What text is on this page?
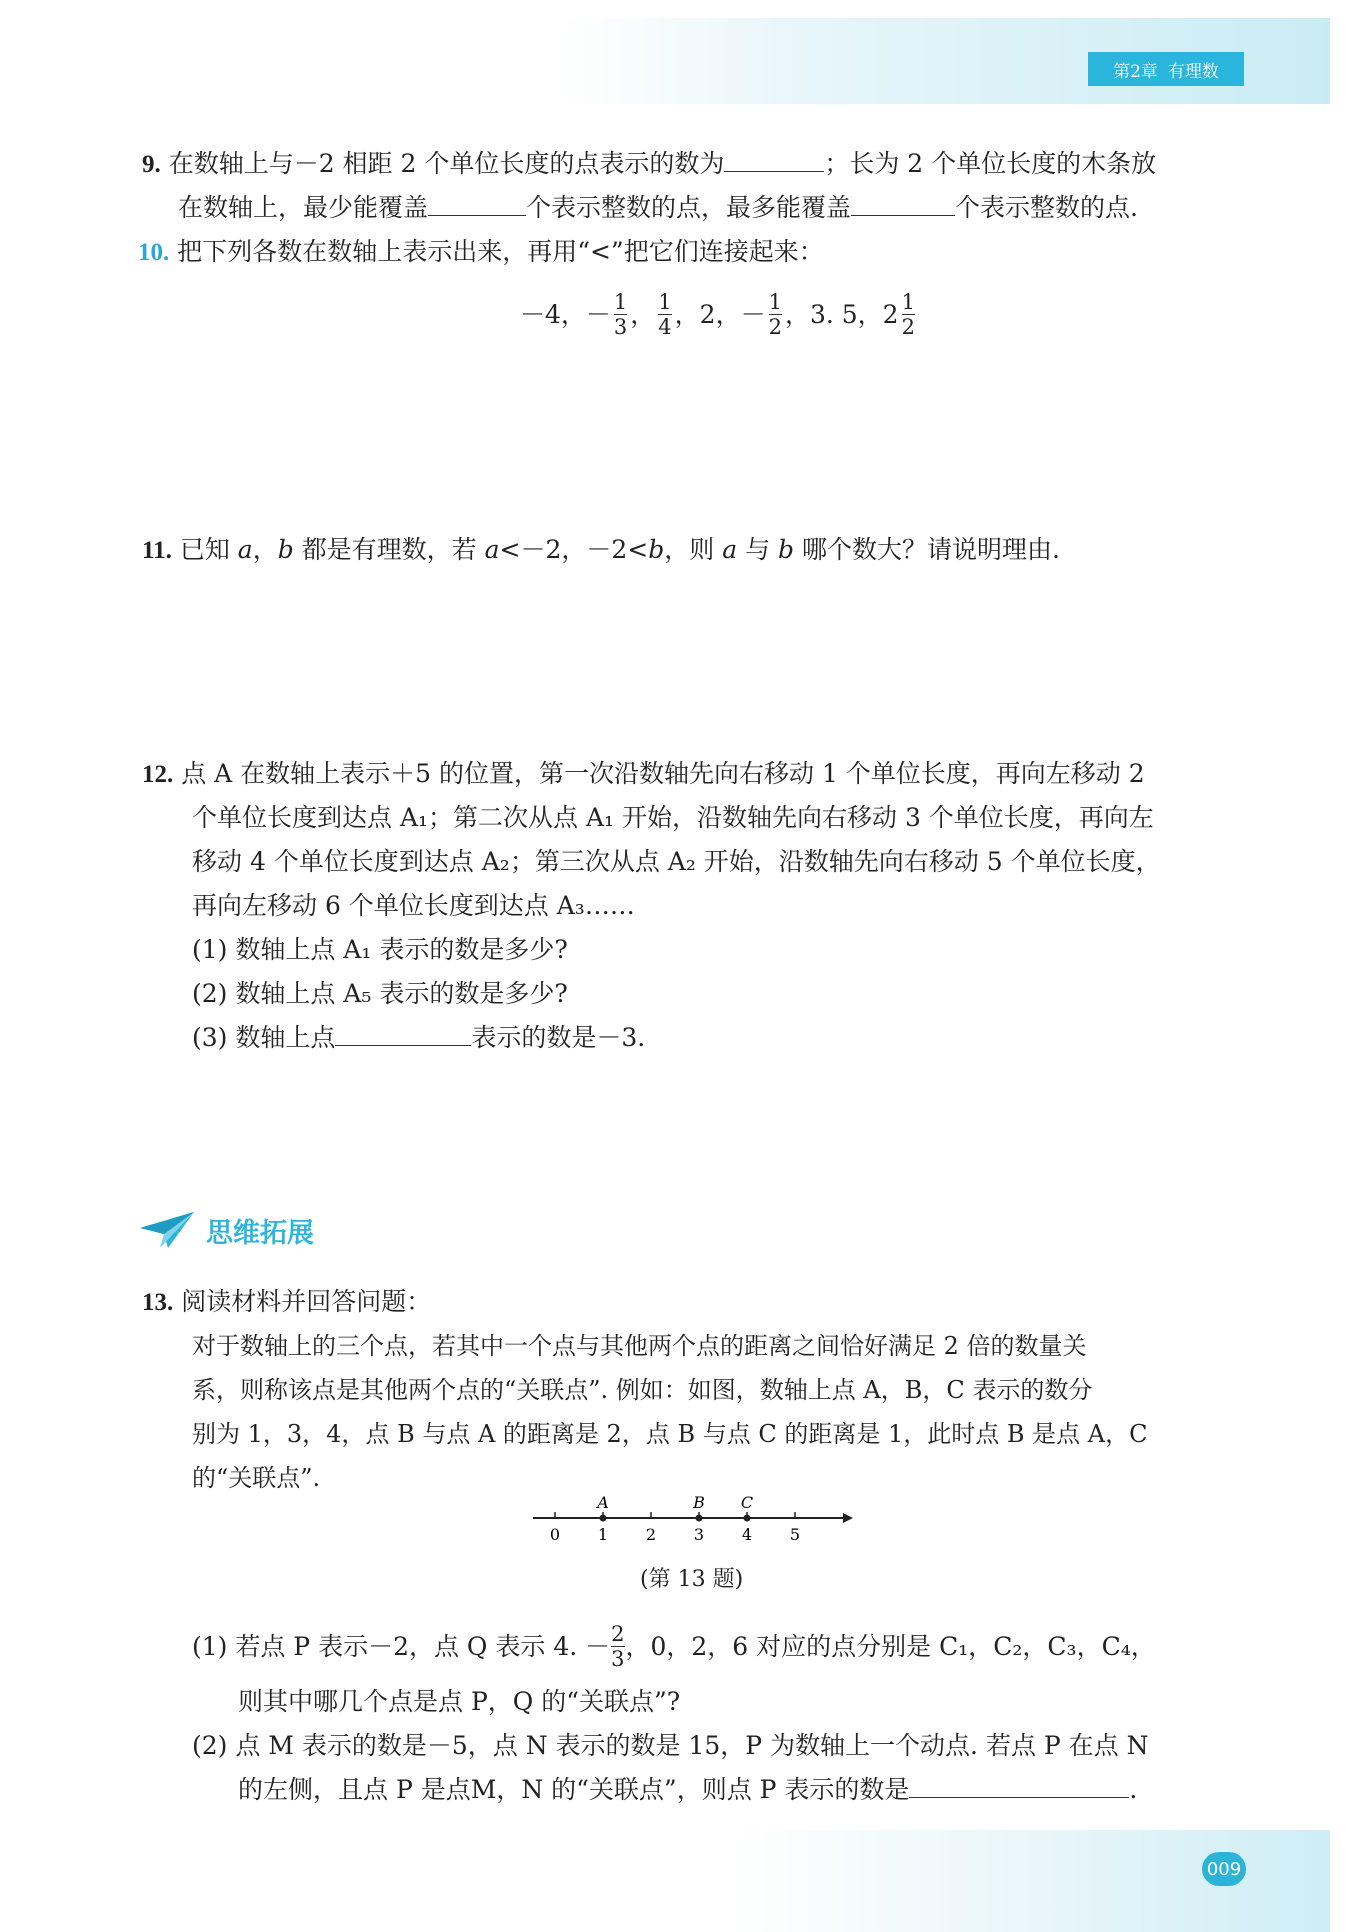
第2章 有理数
9. 在数轴上与－2 相距 2 个单位长度的点表示的数为	；长为 2 个单位长度的木条放
在数轴上，最少能覆盖	个表示整数的点，最多能覆盖	个表示整数的点.
10. 把下列各数在数轴上表示出来，再用“<”把它们连接起来：
－4，－ $\frac{1}{3}$ ， $\frac{1}{4}$ ，2，－ $\frac{1}{2}$ ，3. 5，$2 \frac{1}{2}$
11. 已知 a，b 都是有理数，若 a<－2，－2<b，则 a 与 b 哪个数大？请说明理由.
12. 点 A 在数轴上表示＋5 的位置，第一次沿数轴先向右移动 1 个单位长度，再向左移动 2
个单位长度到达点 A₁；第二次从点 A₁ 开始，沿数轴先向右移动 3 个单位长度，再向左
移动 4 个单位长度到达点 A₂；第三次从点 A₂ 开始，沿数轴先向右移动 5 个单位长度，
再向左移动 6 个单位长度到达点 A₃……
(1) 数轴上点 A₁ 表示的数是多少?
(2) 数轴上点 A₅ 表示的数是多少?
(3) 数轴上点	表示的数是－3.
思维拓展
13. 阅读材料并回答问题：
对于数轴上的三个点，若其中一个点与其他两个点的距离之间恰好满足 2 倍的数量关
系，则称该点是其他两个点的“关联点”. 例如：如图，数轴上点 A，B，C 表示的数分
别为 1，3，4，点 B 与点 A 的距离是 2，点 B 与点 C 的距离是 1，此时点 B 是点 A，C
的“关联点”.
0 1 2 3 4 5
A	B C
(第 13 题)
(1) 若点 P 表示－2，点 Q 表示 4. － $\frac{2}{3}$ ，0，2，6 对应的点分别是 C₁，C₂，C₃，C₄，
则其中哪几个点是点 P，Q 的“关联点”?
(2) 点 M 表示的数是－5，点 N 表示的数是 15，P 为数轴上一个动点. 若点 P 在点 N
的左侧，且点 P 是点M，N 的“关联点”，则点 P 表示的数是	.
009
